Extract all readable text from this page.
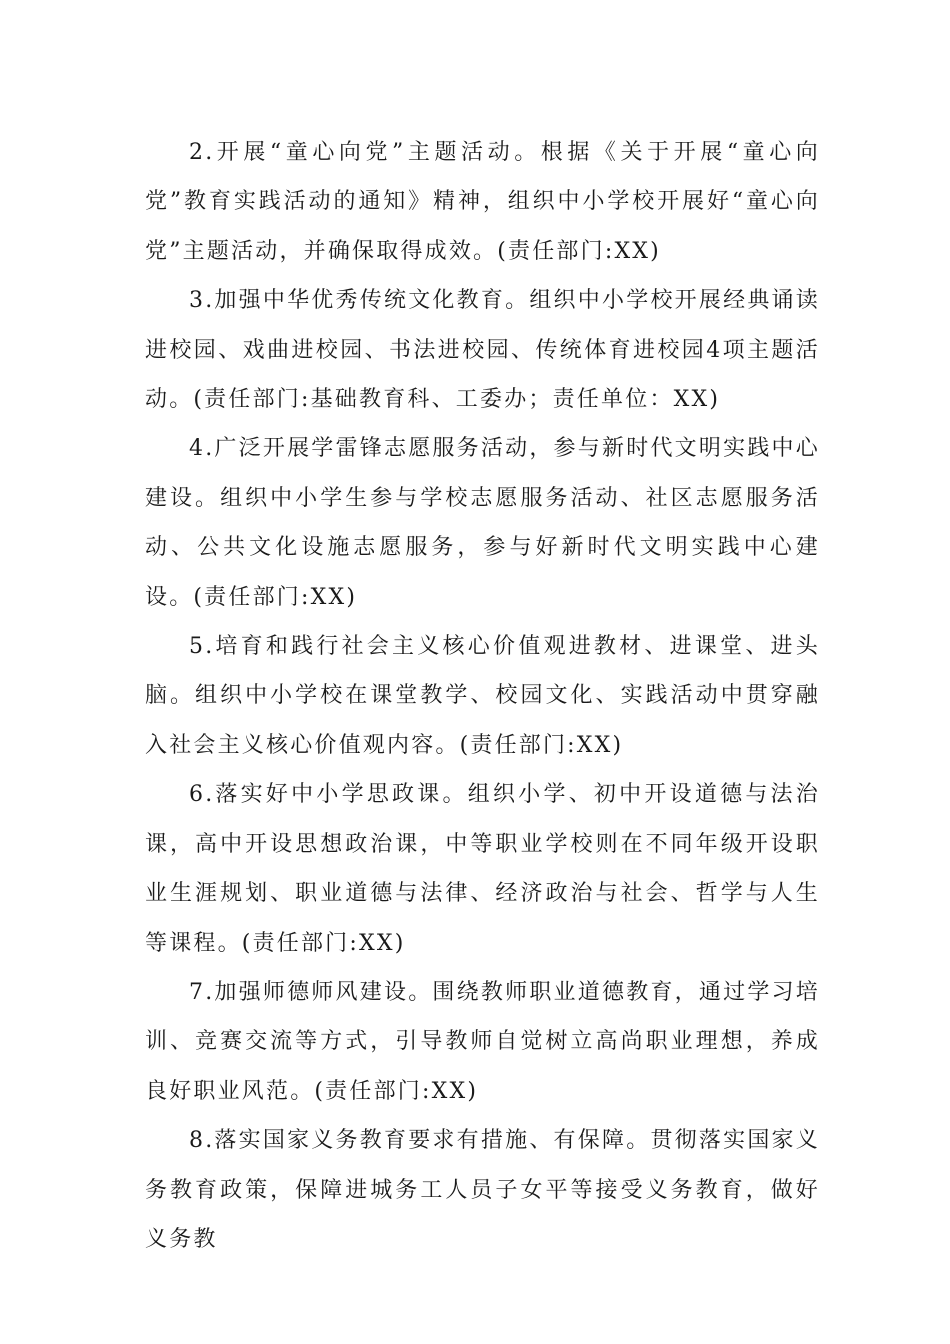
2.开展“童心向党”主题活动。根据《关于开展“童心向党”教育实践活动的通知》精神，组织中小学校开展好“童心向党”主题活动，并确保取得成效。(责任部门:XX)

3.加强中华优秀传统文化教育。组织中小学校开展经典诵读进校园、戏曲进校园、书法进校园、传统体育进校园4项主题活动。(责任部门:基础教育科、工委办；责任单位：XX)

4.广泛开展学雷锋志愿服务活动，参与新时代文明实践中心建设。组织中小学生参与学校志愿服务活动、社区志愿服务活动、公共文化设施志愿服务，参与好新时代文明实践中心建设。(责任部门:XX)

5.培育和践行社会主义核心价值观进教材、进课堂、进头脑。组织中小学校在课堂教学、校园文化、实践活动中贯穿融入社会主义核心价值观内容。(责任部门:XX)

6.落实好中小学思政课。组织小学、初中开设道德与法治课，高中开设思想政治课，中等职业学校则在不同年级开设职业生涯规划、职业道德与法律、经济政治与社会、哲学与人生等课程。(责任部门:XX)

7.加强师德师风建设。围绕教师职业道德教育，通过学习培训、竞赛交流等方式，引导教师自觉树立高尚职业理想，养成良好职业风范。(责任部门:XX)

8.落实国家义务教育要求有措施、有保障。贯彻落实国家义务教育政策，保障进城务工人员子女平等接受义务教育，做好义务教
